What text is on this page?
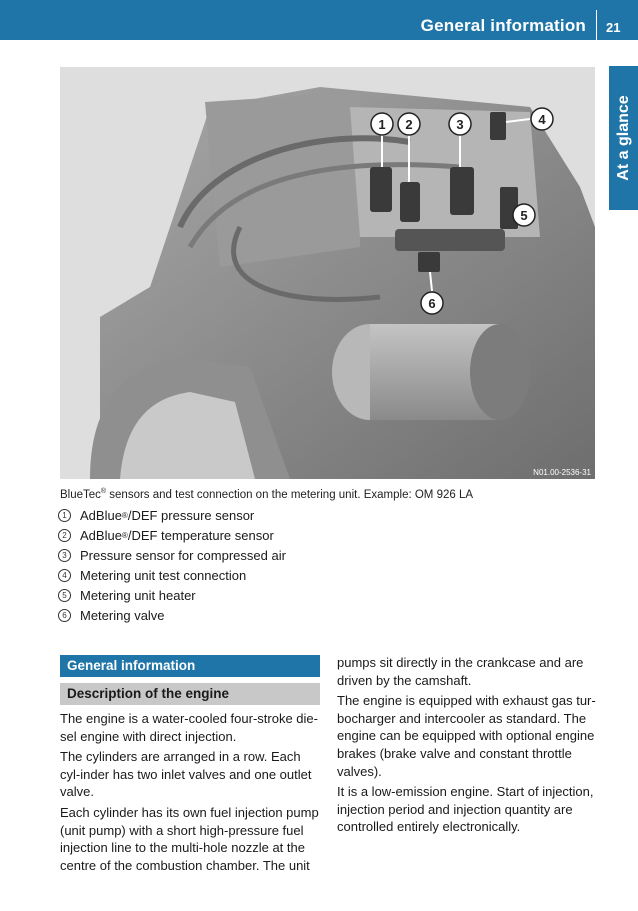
General information 21
At a glance
1 2	3	4
5
6
N01.00-2536-31
BlueTec® sensors and test connection on the metering unit. Example: OM 926 LA
1	AdBlue ® /DEF pressure sensor
2	AdBlue ® /DEF temperature sensor
3	Pressure sensor for compressed air
4	Metering unit test connection
5	Metering unit heater
6	Metering valve
General information
Description of the engine

The engine is a water-cooled four-stroke die-sel engine with direct injection.

The cylinders are arranged in a row. Each cyl-inder has two inlet valves and one outlet valve.

Each cylinder has its own fuel injection pump (unit pump) with a short high-pressure fuel injection line to the multi-hole nozzle at the centre of the combustion chamber. The unit

pumps sit directly in the crankcase and are driven by the camshaft.

The engine is equipped with exhaust gas tur-bocharger and intercooler as standard. The engine can be equipped with optional engine brakes (brake valve and constant throttle valves).

It is a low-emission engine. Start of injection, injection period and injection quantity are controlled entirely electronically.
